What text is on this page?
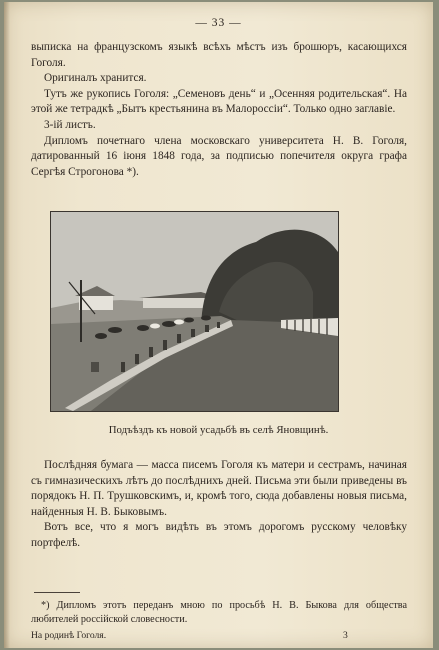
— 33 —

выписка на французскомъ языкѣ всѣхъ мѣстъ изъ брошюръ, касающихся Гоголя.

Оригиналъ хранится.

Тутъ же рукопись Гоголя: „Семеновъ день“ и „Осенняя родительская“. На этой же тетрадкѣ „Бытъ крестьянина въ Малороссіи“. Только одно заглавіе.

3-ій листъ.

Дипломъ почетнаго члена московскаго университета Н. В. Гоголя, датированный 16 іюня 1848 года, за подписью попечителя округа графа Сергѣя Строгонова *).

Подъѣздъ къ новой усадьбѣ въ селѣ Яновщинѣ.

Послѣдняя бумага — масса писемъ Гоголя къ матери и сестрамъ, начиная съ гимназическихъ лѣтъ до послѣднихъ дней. Письма эти были приведены въ порядокъ Н. П. Трушковскимъ, и, кромѣ того, сюда добавлены новыя письма, найденныя Н. В. Быковымъ.

Вотъ все, что я могъ видѣть въ этомъ дорогомъ русскому человѣку портфелѣ.

*) Дипломъ этотъ переданъ мною по просьбѣ Н. В. Быкова для общества любителей россійской словесности.

На родинѣ Гоголя.	3
